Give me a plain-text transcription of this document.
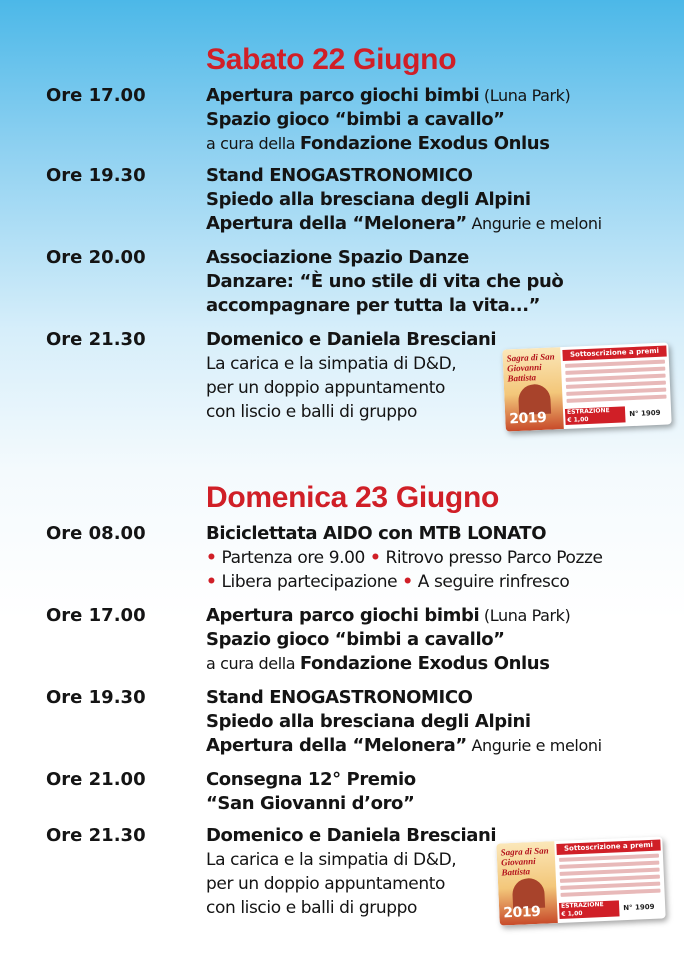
Sabato 22 Giugno
Ore 17.00	Apertura parco giochi bimbi (Luna Park)
Spazio gioco “bimbi a cavallo”
a cura della Fondazione Exodus Onlus
Ore 19.30	Stand ENOGASTRONOMICO
Spiedo alla bresciana degli Alpini
Apertura della “Melonera” Angurie e meloni
Ore 20.00	Associazione Spazio Danze
Danzare: “È uno stile di vita che può
accompagnare per tutta la vita...”
Ore 21.30	Domenico e Daniela Bresciani
La carica e la simpatia di D&D,
per un doppio appuntamento
con liscio e balli di gruppo
Sagra di San Giovanni Battista
2019
Sottoscrizione a premi
ESTRAZIONE
€ 1,00
N° 1909
Domenica 23 Giugno
Ore 08.00	Biciclettata AIDO con MTB LONATO
• Partenza ore 9.00 • Ritrovo presso Parco Pozze
• Libera partecipazione • A seguire rinfresco
Ore 17.00	Apertura parco giochi bimbi (Luna Park)
Spazio gioco “bimbi a cavallo”
a cura della Fondazione Exodus Onlus
Ore 19.30	Stand ENOGASTRONOMICO
Spiedo alla bresciana degli Alpini
Apertura della “Melonera” Angurie e meloni
Ore 21.00	Consegna 12° Premio
“San Giovanni d’oro”
Ore 21.30	Domenico e Daniela Bresciani
La carica e la simpatia di D&D,
per un doppio appuntamento
con liscio e balli di gruppo
Sagra di San Giovanni Battista
2019
Sottoscrizione a premi
ESTRAZIONE
€ 1,00
N° 1909
